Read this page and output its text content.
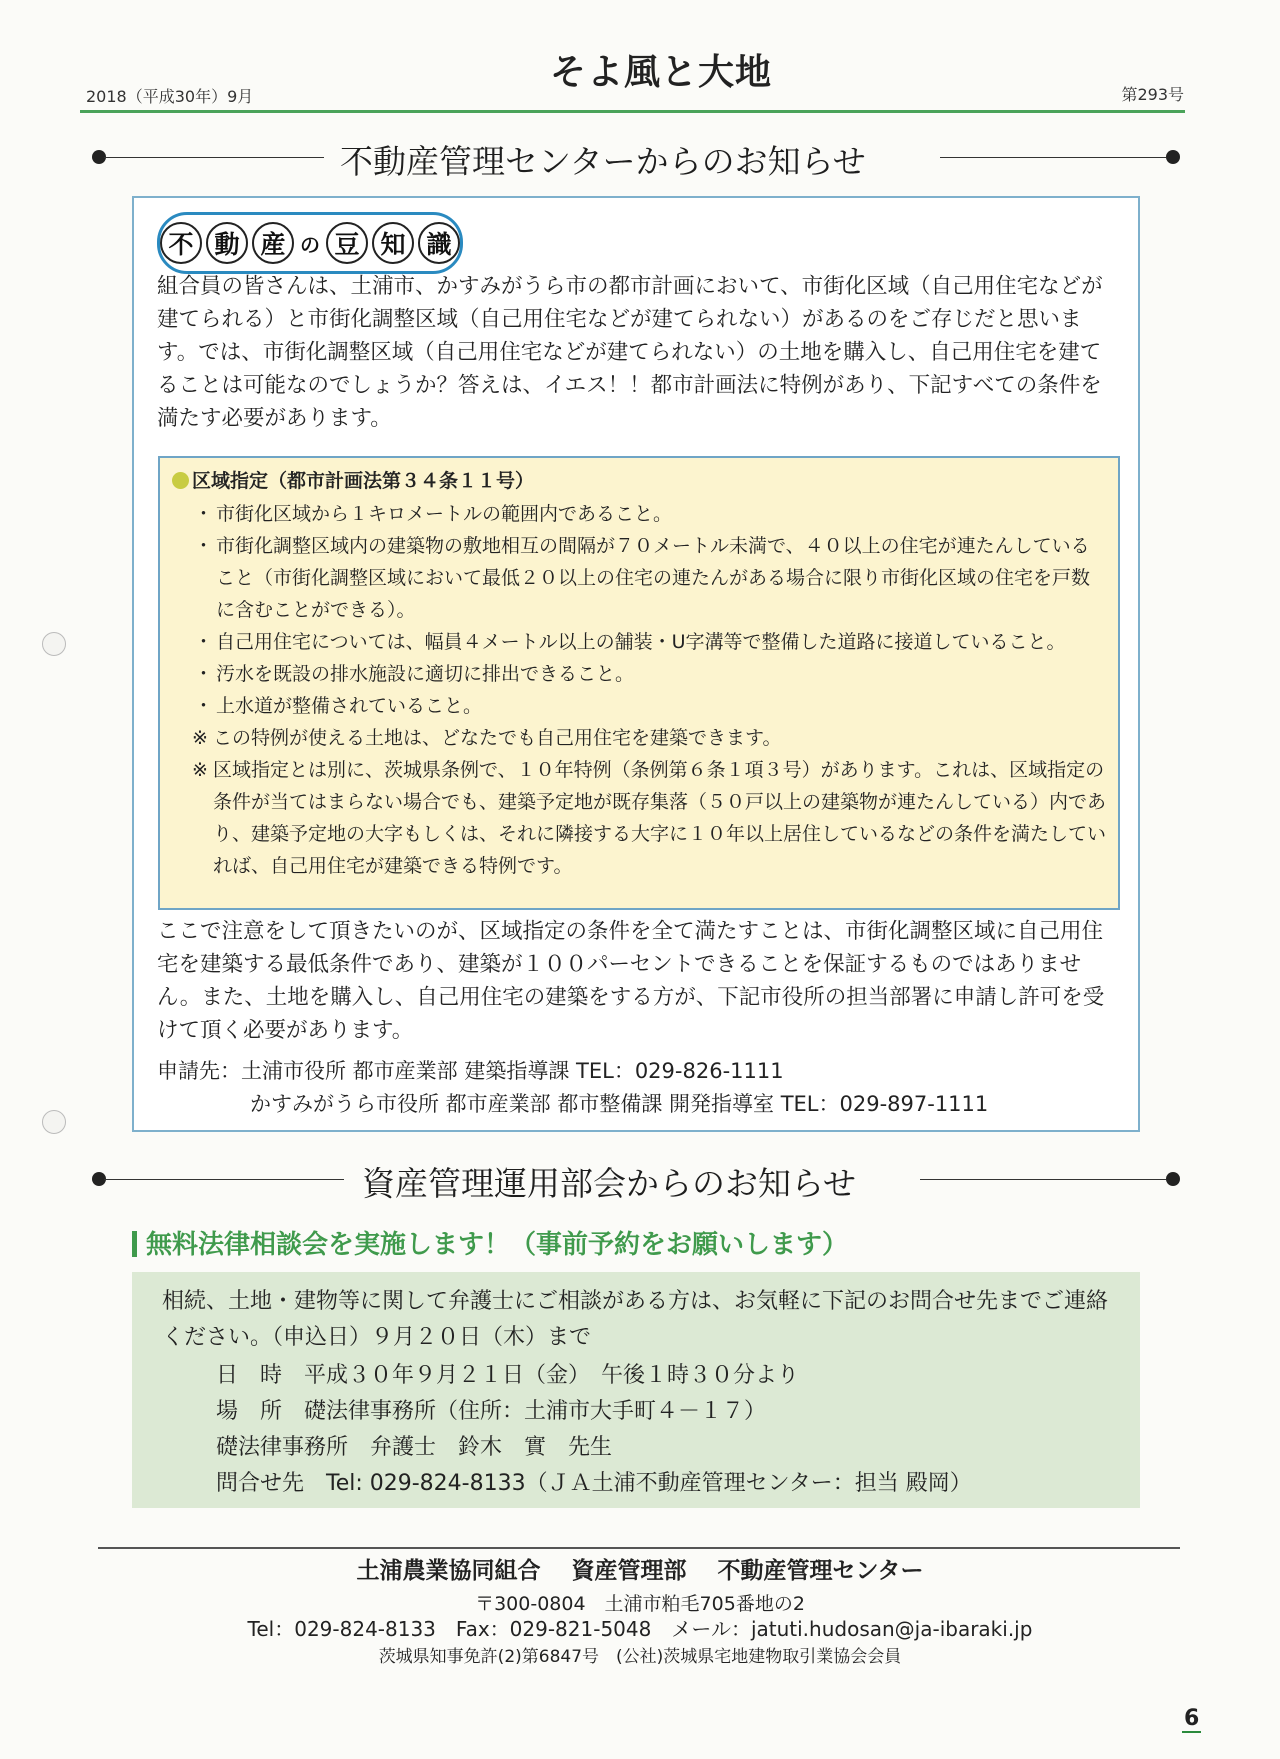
2018（平成30年）9月
そよ風と大地
第293号
不動産管理センターからのお知らせ
不 動 産 の 豆 知 識
組合員の皆さんは、土浦市、かすみがうら市の都市計画において、市街化区域（自己用住宅などが建てられる）と市街化調整区域（自己用住宅などが建てられない）があるのをご存じだと思います。では、市街化調整区域（自己用住宅などが建てられない）の土地を購入し、自己用住宅を建てることは可能なのでしょうか？答えは、イエス！！都市計画法に特例があり、下記すべての条件を満たす必要があります。
区域指定（都市計画法第３４条１１号）
・ 市街化区域から１キロメートルの範囲内であること。
・ 市街化調整区域内の建築物の敷地相互の間隔が７０メートル未満で、４０以上の住宅が連たんしていること（市街化調整区域において最低２０以上の住宅の連たんがある場合に限り市街化区域の住宅を戸数に含むことができる）。
・ 自己用住宅については、幅員４メートル以上の舗装・U字溝等で整備した道路に接道していること。
・ 汚水を既設の排水施設に適切に排出できること。
・ 上水道が整備されていること。
※ この特例が使える土地は、どなたでも自己用住宅を建築できます。
※ 区域指定とは別に、茨城県条例で、１０年特例（条例第６条１項３号）があります。これは、区域指定の条件が当てはまらない場合でも、建築予定地が既存集落（５０戸以上の建築物が連たんしている）内であり、建築予定地の大字もしくは、それに隣接する大字に１０年以上居住しているなどの条件を満たしていれば、自己用住宅が建築できる特例です。
ここで注意をして頂きたいのが、区域指定の条件を全て満たすことは、市街化調整区域に自己用住宅を建築する最低条件であり、建築が１００パーセントできることを保証するものではありません。また、土地を購入し、自己用住宅の建築をする方が、下記市役所の担当部署に申請し許可を受けて頂く必要があります。
申請先：土浦市役所 都市産業部 建築指導課 TEL：029-826-1111
かすみがうら市役所 都市産業部 都市整備課 開発指導室 TEL：029-897-1111
資産管理運用部会からのお知らせ
無料法律相談会を実施します！（事前予約をお願いします）
相続、土地・建物等に関して弁護士にご相談がある方は、お気軽に下記のお問合せ先までご連絡ください。（申込日）９月２０日（木）まで
日　時　平成３０年９月２１日（金）　午後１時３０分より
場　所　礎法律事務所（住所：土浦市大手町４－１７）
礎法律事務所　弁護士　鈴木　實　先生
問合せ先　Tel: 029-824-8133（ＪＡ土浦不動産管理センター：担当 殿岡）
土浦農業協同組合　 資産管理部　 不動産管理センター
〒300-0804　土浦市粕毛705番地の2
Tel：029-824-8133　Fax：029-821-5048　メール：jatuti.hudosan@ja-ibaraki.jp
茨城県知事免許(2)第6847号　(公社)茨城県宅地建物取引業協会会員
6
